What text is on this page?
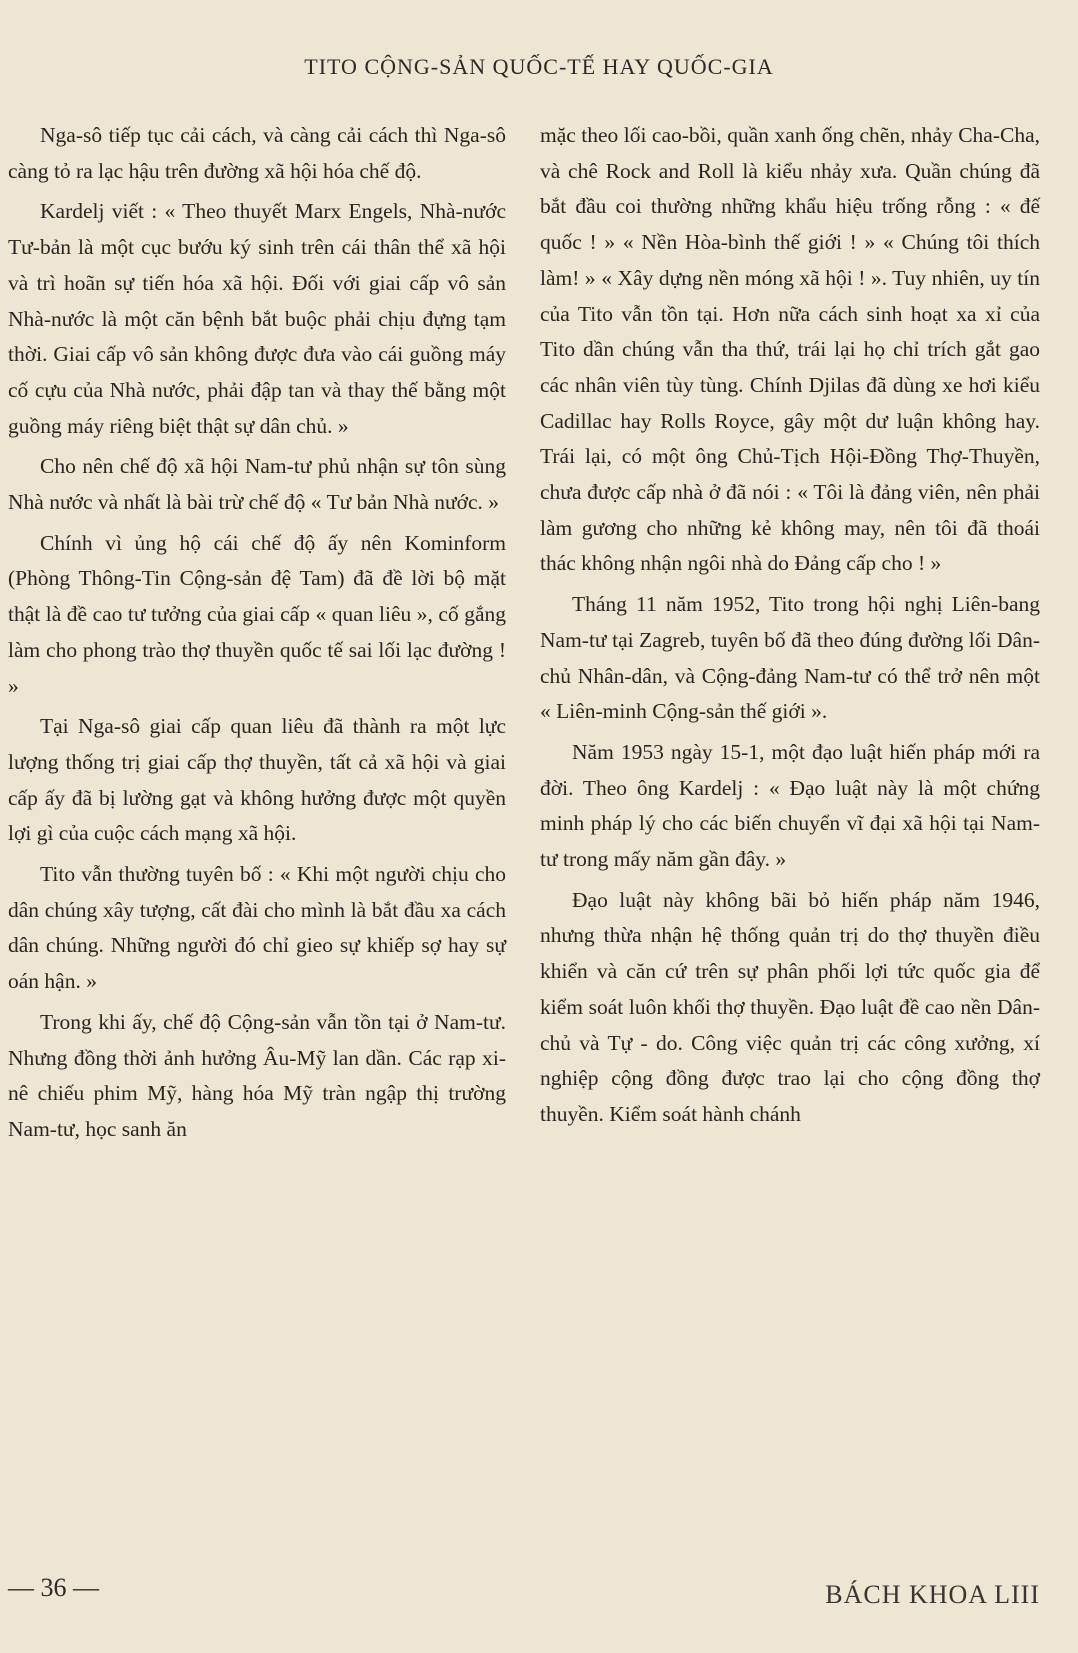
TITO CỘNG-SẢN QUỐC-TẾ HAY QUỐC-GIA

Nga-sô tiếp tục cải cách, và càng cải cách thì Nga-sô càng tỏ ra lạc hậu trên đường xã hội hóa chế độ.

Kardelj viết : « Theo thuyết Marx Engels, Nhà-nước Tư-bản là một cục bướu ký sinh trên cái thân thể xã hội và trì hoãn sự tiến hóa xã hội. Đối với giai cấp vô sản Nhà-nước là một căn bệnh bắt buộc phải chịu đựng tạm thời. Giai cấp vô sản không được đưa vào cái guồng máy cố cựu của Nhà nước, phải đập tan và thay thế bằng một guồng máy riêng biệt thật sự dân chủ. »

Cho nên chế độ xã hội Nam-tư phủ nhận sự tôn sùng Nhà nước và nhất là bài trừ chế độ « Tư bản Nhà nước. »

Chính vì ủng hộ cái chế độ ấy nên Kominform (Phòng Thông-Tin Cộng-sản đệ Tam) đã đề lời bộ mặt thật là đề cao tư tưởng của giai cấp « quan liêu », cố gắng làm cho phong trào thợ thuyền quốc tế sai lối lạc đường ! »

Tại Nga-sô giai cấp quan liêu đã thành ra một lực lượng thống trị giai cấp thợ thuyền, tất cả xã hội và giai cấp ấy đã bị lường gạt và không hưởng được một quyền lợi gì của cuộc cách mạng xã hội.

Tito vẫn thường tuyên bố : « Khi một người chịu cho dân chúng xây tượng, cất đài cho mình là bắt đầu xa cách dân chúng. Những người đó chỉ gieo sự khiếp sợ hay sự oán hận. »

Trong khi ấy, chế độ Cộng-sản vẫn tồn tại ở Nam-tư. Nhưng đồng thời ảnh hưởng Âu-Mỹ lan dần. Các rạp xi-nê chiếu phim Mỹ, hàng hóa Mỹ tràn ngập thị trường Nam-tư, học sanh ăn

mặc theo lối cao-bồi, quần xanh ống chẽn, nhảy Cha-Cha, và chê Rock and Roll là kiểu nhảy xưa. Quần chúng đã bắt đầu coi thường những khẩu hiệu trống rỗng : « đế quốc ! » « Nền Hòa-bình thế giới ! » « Chúng tôi thích làm! » « Xây dựng nền móng xã hội ! ». Tuy nhiên, uy tín của Tito vẫn tồn tại. Hơn nữa cách sinh hoạt xa xỉ của Tito dần chúng vẫn tha thứ, trái lại họ chỉ trích gắt gao các nhân viên tùy tùng. Chính Djilas đã dùng xe hơi kiểu Cadillac hay Rolls Royce, gây một dư luận không hay. Trái lại, có một ông Chủ-Tịch Hội-Đồng Thợ-Thuyền, chưa được cấp nhà ở đã nói : « Tôi là đảng viên, nên phải làm gương cho những kẻ không may, nên tôi đã thoái thác không nhận ngôi nhà do Đảng cấp cho ! »

Tháng 11 năm 1952, Tito trong hội nghị Liên-bang Nam-tư tại Zagreb, tuyên bố đã theo đúng đường lối Dân-chủ Nhân-dân, và Cộng-đảng Nam-tư có thể trở nên một « Liên-minh Cộng-sản thế giới ».

Năm 1953 ngày 15-1, một đạo luật hiến pháp mới ra đời. Theo ông Kardelj : « Đạo luật này là một chứng minh pháp lý cho các biến chuyển vĩ đại xã hội tại Nam-tư trong mấy năm gần đây. »

Đạo luật này không bãi bỏ hiến pháp năm 1946, nhưng thừa nhận hệ thống quản trị do thợ thuyền điều khiển và căn cứ trên sự phân phối lợi tức quốc gia để kiểm soát luôn khối thợ thuyền. Đạo luật đề cao nền Dân-chủ và Tự - do. Công việc quản trị các công xưởng, xí nghiệp cộng đồng được trao lại cho cộng đồng thợ thuyền. Kiểm soát hành chánh

— 36 —	BÁCH KHOA LIII
